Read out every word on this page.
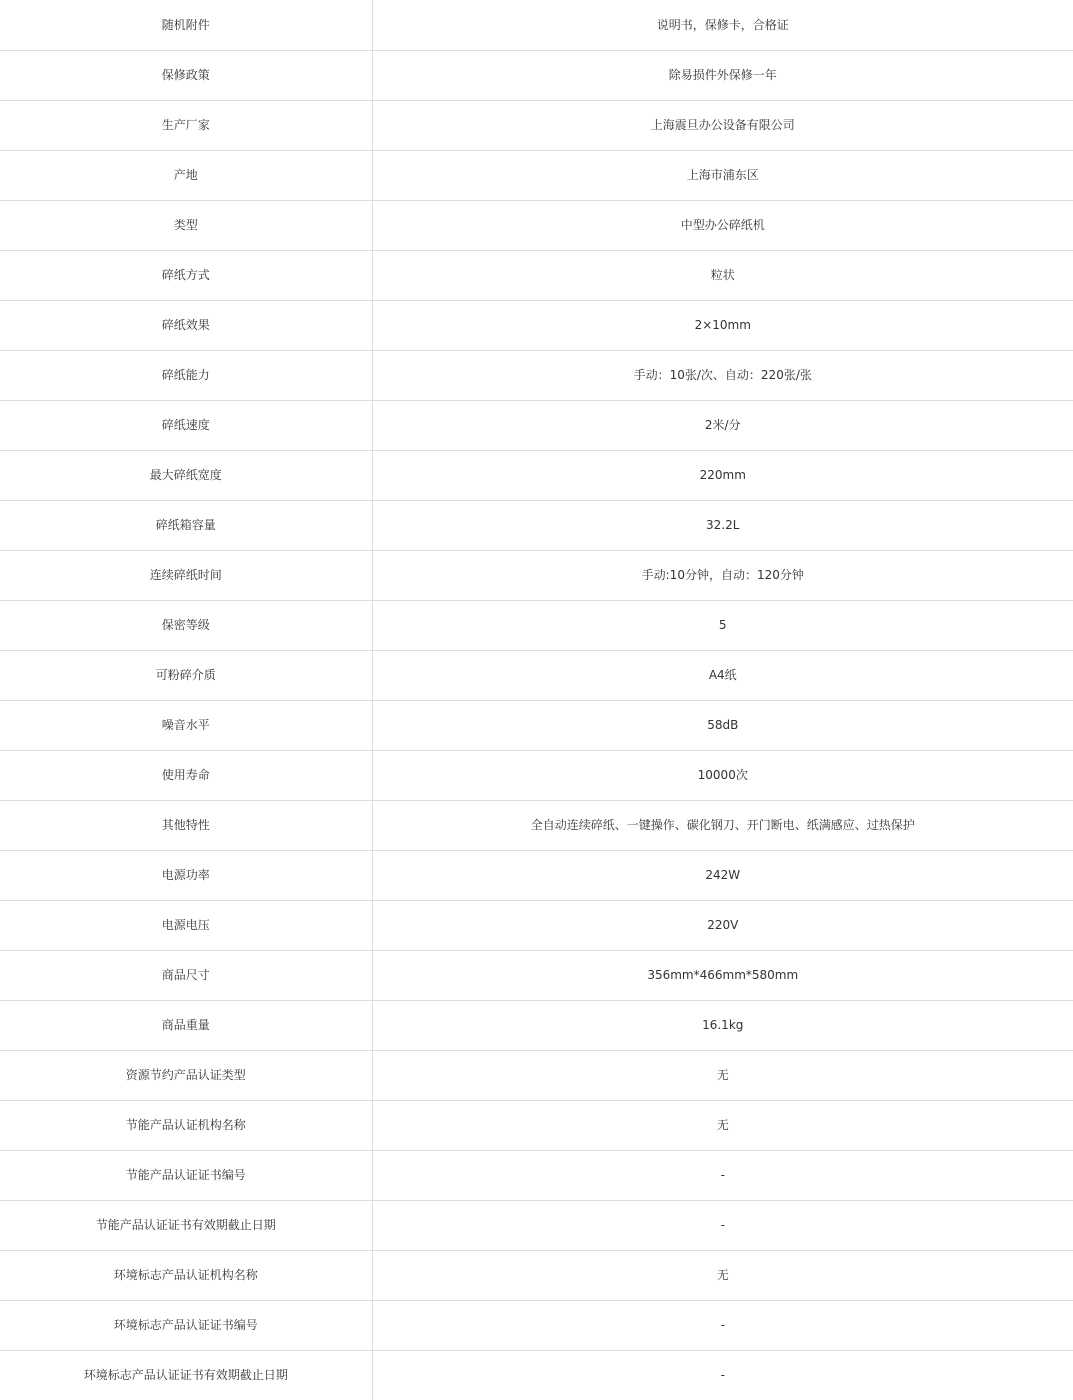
随机附件	说明书，保修卡，合格证
保修政策	除易损件外保修一年
生产厂家	上海震旦办公设备有限公司
产地	上海市浦东区
类型	中型办公碎纸机
碎纸方式	粒状
碎纸效果	2×10mm
碎纸能力	手动：10张/次、自动：220张/张
碎纸速度	2米/分
最大碎纸宽度	220mm
碎纸箱容量	32.2L
连续碎纸时间	手动:10分钟，自动：120分钟
保密等级	5
可粉碎介质	A4纸
噪音水平	58dB
使用寿命	10000次
其他特性	全自动连续碎纸、一键操作、碳化钢刀、开门断电、纸满感应、过热保护
电源功率	242W
电源电压	220V
商品尺寸	356mm*466mm*580mm
商品重量	16.1kg
资源节约产品认证类型	无
节能产品认证机构名称	无
节能产品认证证书编号	-
节能产品认证证书有效期截止日期	-
环境标志产品认证机构名称	无
环境标志产品认证证书编号	-
环境标志产品认证证书有效期截止日期	-
